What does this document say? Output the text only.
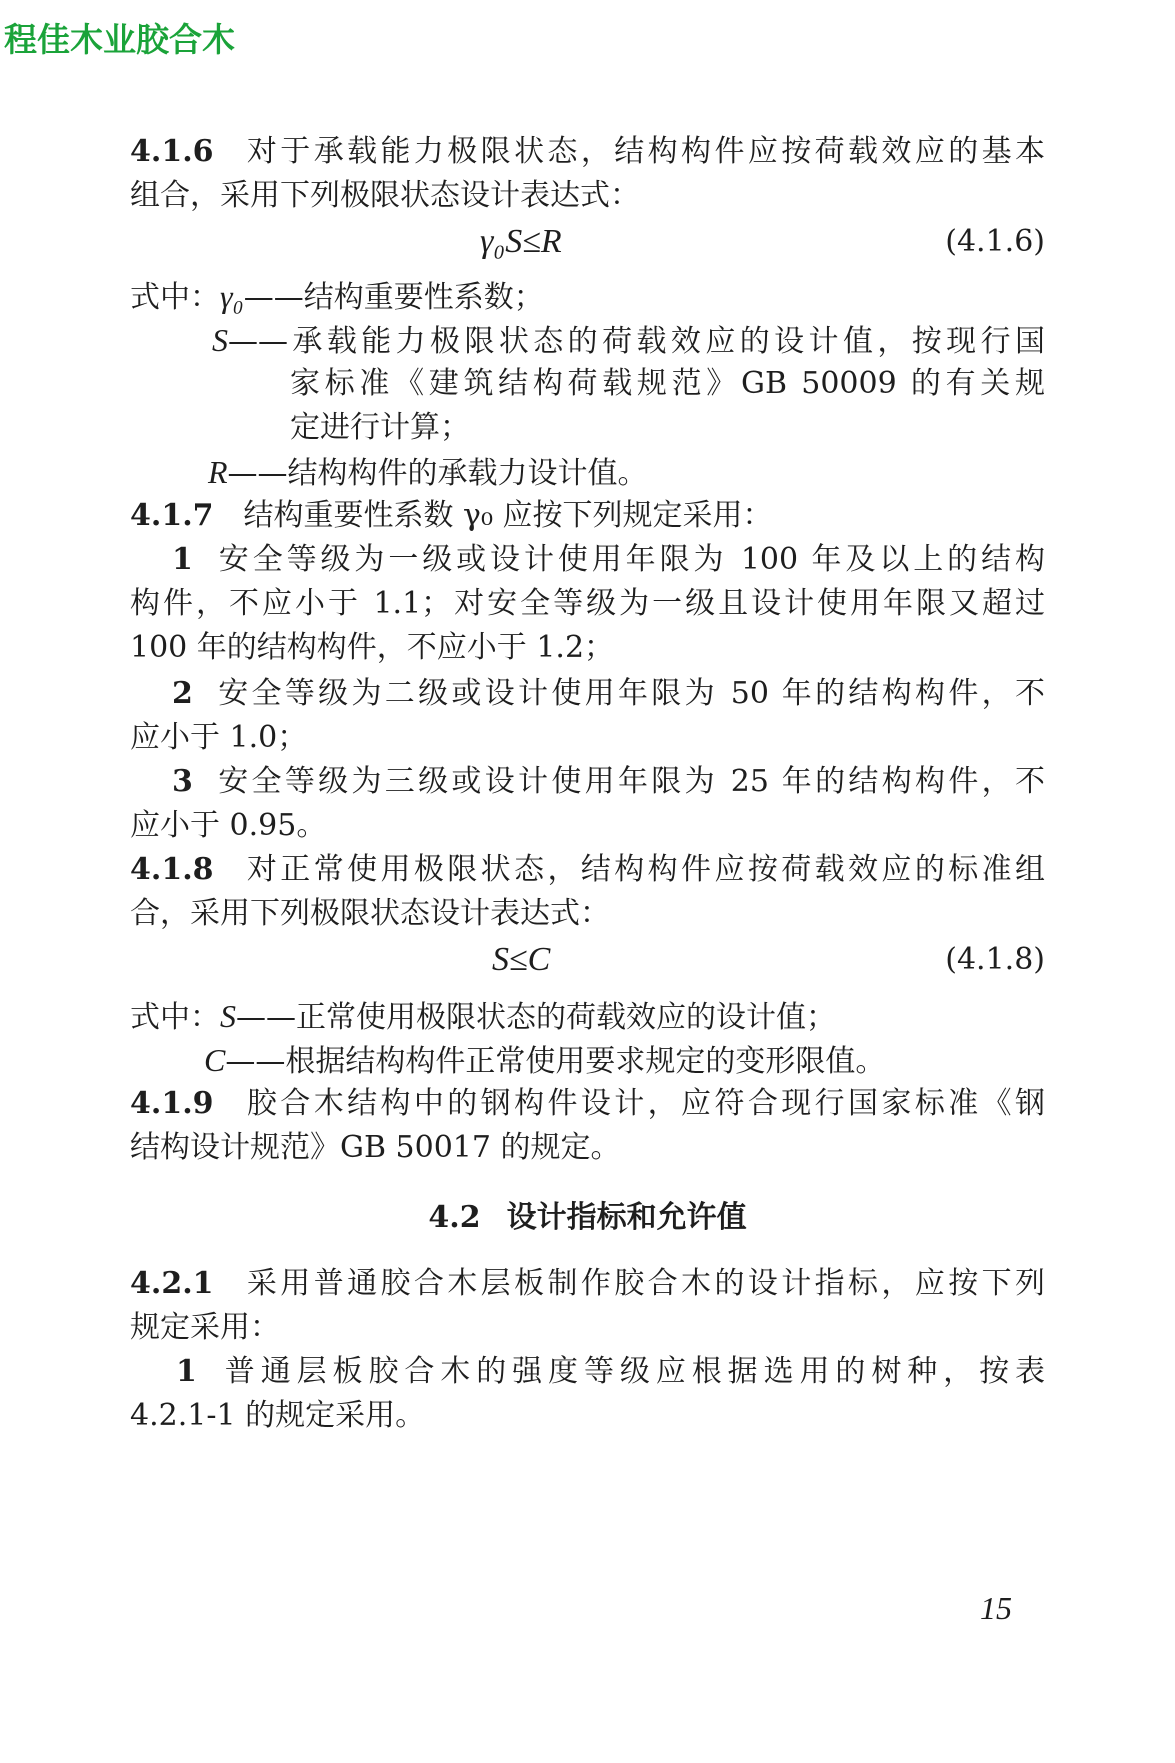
程佳木业胶合木
4.1.6 对于承载能力极限状态，结构构件应按荷载效应的基本
组合，采用下列极限状态设计表达式：
γ₀S≤R	(4.1.6)
式中：γ₀——结构重要性系数；
S——承载能力极限状态的荷载效应的设计值，按现行国
家标准《建筑结构荷载规范》GB 50009 的有关规
定进行计算；
R——结构构件的承载力设计值。
4.1.7 结构重要性系数 γ₀ 应按下列规定采用：
1 安全等级为一级或设计使用年限为 100 年及以上的结构
构件，不应小于 1.1；对安全等级为一级且设计使用年限又超过
100 年的结构构件，不应小于 1.2；
2 安全等级为二级或设计使用年限为 50 年的结构构件，不
应小于 1.0；
3 安全等级为三级或设计使用年限为 25 年的结构构件，不
应小于 0.95。
4.1.8 对正常使用极限状态，结构构件应按荷载效应的标准组
合，采用下列极限状态设计表达式：
S≤C	(4.1.8)
式中：S——正常使用极限状态的荷载效应的设计值；
C——根据结构构件正常使用要求规定的变形限值。
4.1.9 胶合木结构中的钢构件设计，应符合现行国家标准《钢
结构设计规范》GB 50017 的规定。
4.2 设计指标和允许值
4.2.1 采用普通胶合木层板制作胶合木的设计指标，应按下列
规定采用：
1 普通层板胶合木的强度等级应根据选用的树种，按表
4.2.1-1 的规定采用。
15
